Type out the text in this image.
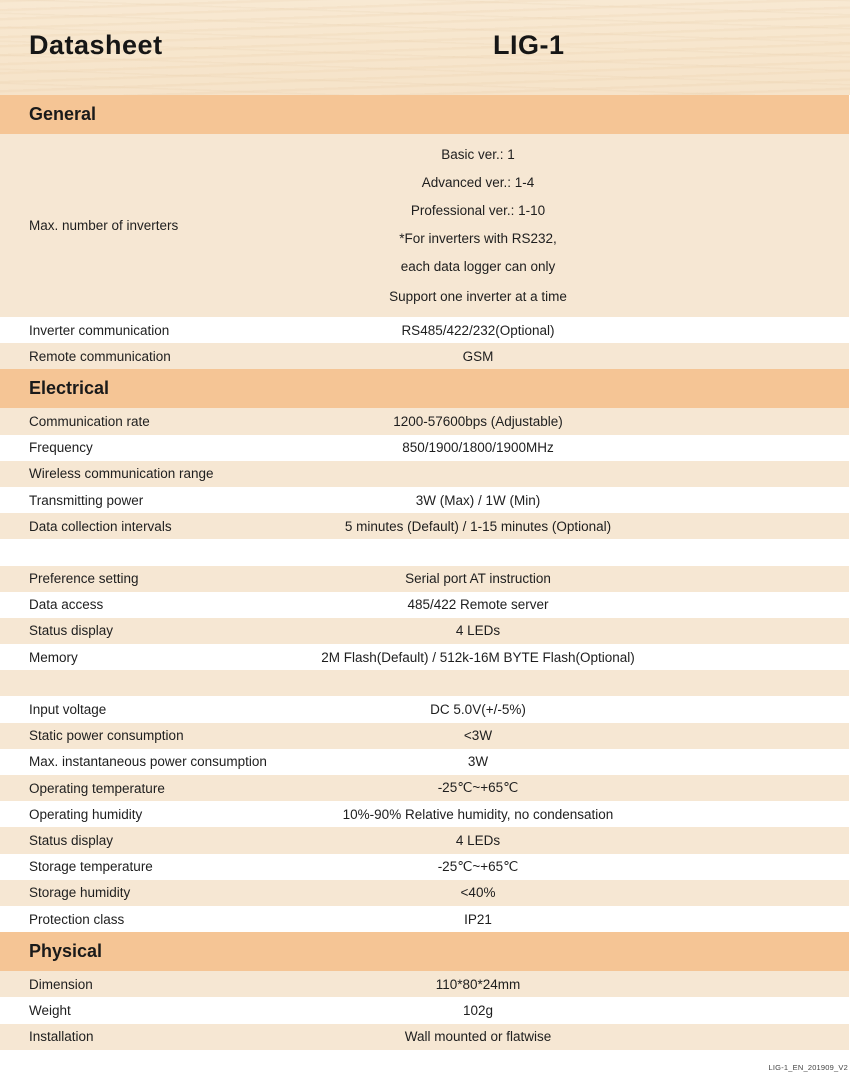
Datasheet	LIG-1
General
Max. number of inverters
Basic ver.: 1
Advanced ver.: 1-4
Professional ver.: 1-10
*For inverters with RS232,
each data logger can only
Support one inverter at a time
Inverter communication	RS485/422/232(Optional)
Remote communication	GSM
Electrical
Communication rate	1200-57600bps (Adjustable)
Frequency	850/1900/1800/1900MHz
Wireless communication range
Transmitting power	3W (Max) / 1W (Min)
Data collection intervals	5 minutes (Default) / 1-15 minutes (Optional)
Preference setting	Serial port AT instruction
Data access	485/422 Remote server
Status display	4 LEDs
Memory	2M Flash(Default) / 512k-16M BYTE Flash(Optional)
Input voltage	DC 5.0V(+/-5%)
Static power consumption	<3W
Max. instantaneous power consumption	3W
Operating temperature	-25℃~+65℃
Operating humidity	10%-90% Relative humidity, no condensation
Status display	4 LEDs
Storage temperature	-25℃~+65℃
Storage humidity	<40%
Protection class	IP21
Physical
Dimension	110*80*24mm
Weight	102g
Installation	Wall mounted or flatwise
LIG-1_EN_201909_V2
